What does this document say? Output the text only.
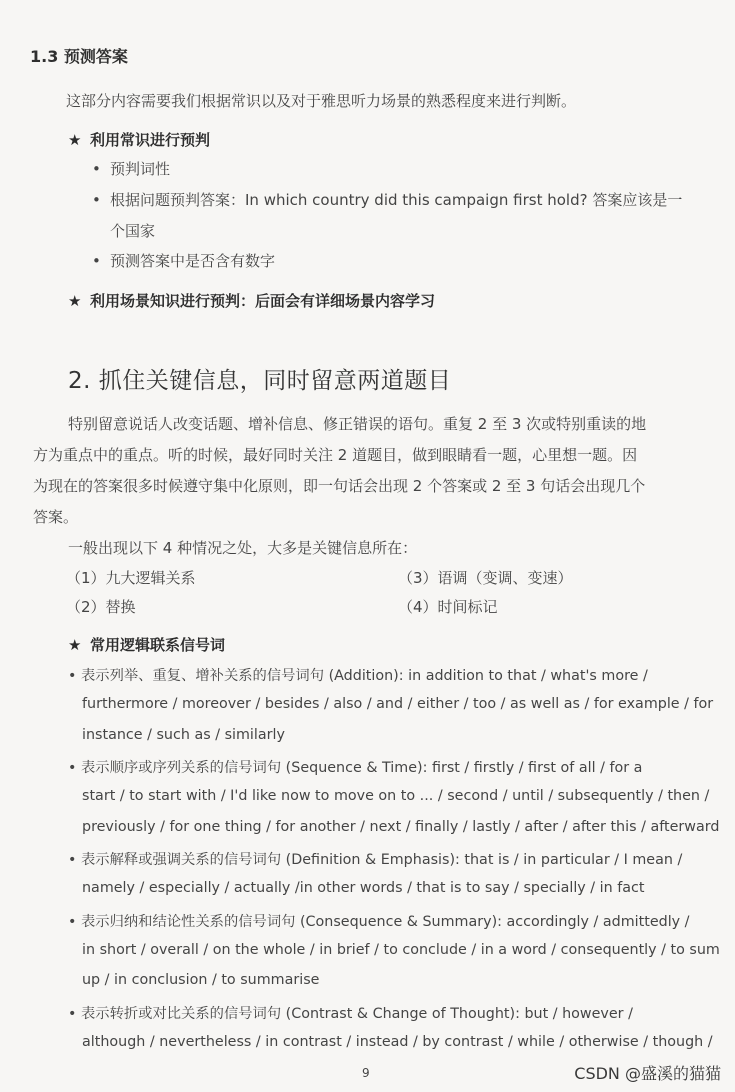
1.3 预测答案
这部分内容需要我们根据常识以及对于雅思听力场景的熟悉程度来进行判断。
★ 利用常识进行预判
• 预判词性
• 根据问题预判答案：In which country did this campaign first hold? 答案应该是一
个国家
• 预测答案中是否含有数字
★ 利用场景知识进行预判：后面会有详细场景内容学习
2. 抓住关键信息，同时留意两道题目
特别留意说话人改变话题、增补信息、修正错误的语句。重复 2 至 3 次或特别重读的地
方为重点中的重点。听的时候，最好同时关注 2 道题目，做到眼睛看一题，心里想一题。因
为现在的答案很多时候遵守集中化原则，即一句话会出现 2 个答案或 2 至 3 句话会出现几个
答案。
一般出现以下 4 种情况之处，大多是关键信息所在：
（1）九大逻辑关系	（3）语调（变调、变速）
（2）替换	（4）时间标记
★ 常用逻辑联系信号词
• 表示列举、重复、增补关系的信号词句 (Addition): in addition to that / what's more /
furthermore / moreover / besides / also / and / either / too / as well as / for example / for
instance / such as / similarly
• 表示顺序或序列关系的信号词句 (Sequence & Time): first / firstly / first of all / for a
start / to start with / I'd like now to move on to ... / second / until / subsequently / then /
previously / for one thing / for another / next / finally / lastly / after / after this / afterward
• 表示解释或强调关系的信号词句 (Definition & Emphasis): that is / in particular / I mean /
namely / especially / actually /in other words / that is to say / specially / in fact
• 表示归纳和结论性关系的信号词句 (Consequence & Summary): accordingly / admittedly /
in short / overall / on the whole / in brief / to conclude / in a word / consequently / to sum
up / in conclusion / to summarise
• 表示转折或对比关系的信号词句 (Contrast & Change of Thought): but / however /
although / nevertheless / in contrast / instead / by contrast / while / otherwise / though /
9	CSDN @盛溪的猫猫
